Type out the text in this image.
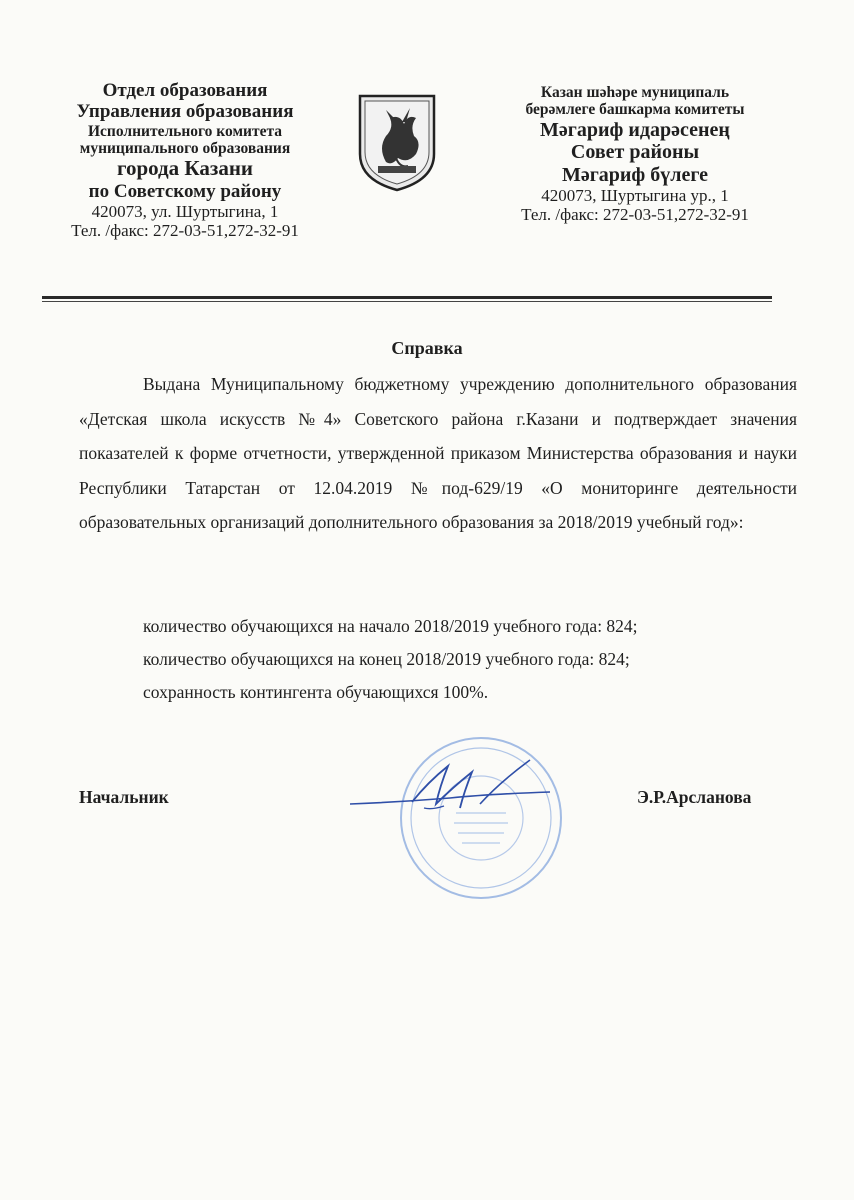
Отдел образования
Управления образования
Исполнительного комитета
муниципального образования
города Казани
по Советскому району
420073, ул. Шуртыгина, 1
Тел. /факс: 272-03-51,272-32-91
Казан шәһәре муниципаль
берәмлеге башкарма комитеты
Мәгариф идарәсенең
Совет районы
Мәгариф бүлеге
420073, Шуртыгина ур., 1
Тел. /факс: 272-03-51,272-32-91
Справка
Выдана Муниципальному бюджетному учреждению дополнительного образования «Детская школа искусств №4» Советского района г.Казани и подтверждает значения показателей к форме отчетности, утвержденной приказом Министерства образования и науки Республики Татарстан от 12.04.2019 №под-629/19 «О мониторинге деятельности образовательных организаций дополнительного образования за 2018/2019 учебный год»:
количество обучающихся на начало 2018/2019 учебного года: 824;
количество обучающихся на конец 2018/2019 учебного года: 824;
сохранность контингента обучающихся 100%.
Начальник	Э.Р.Арсланова
